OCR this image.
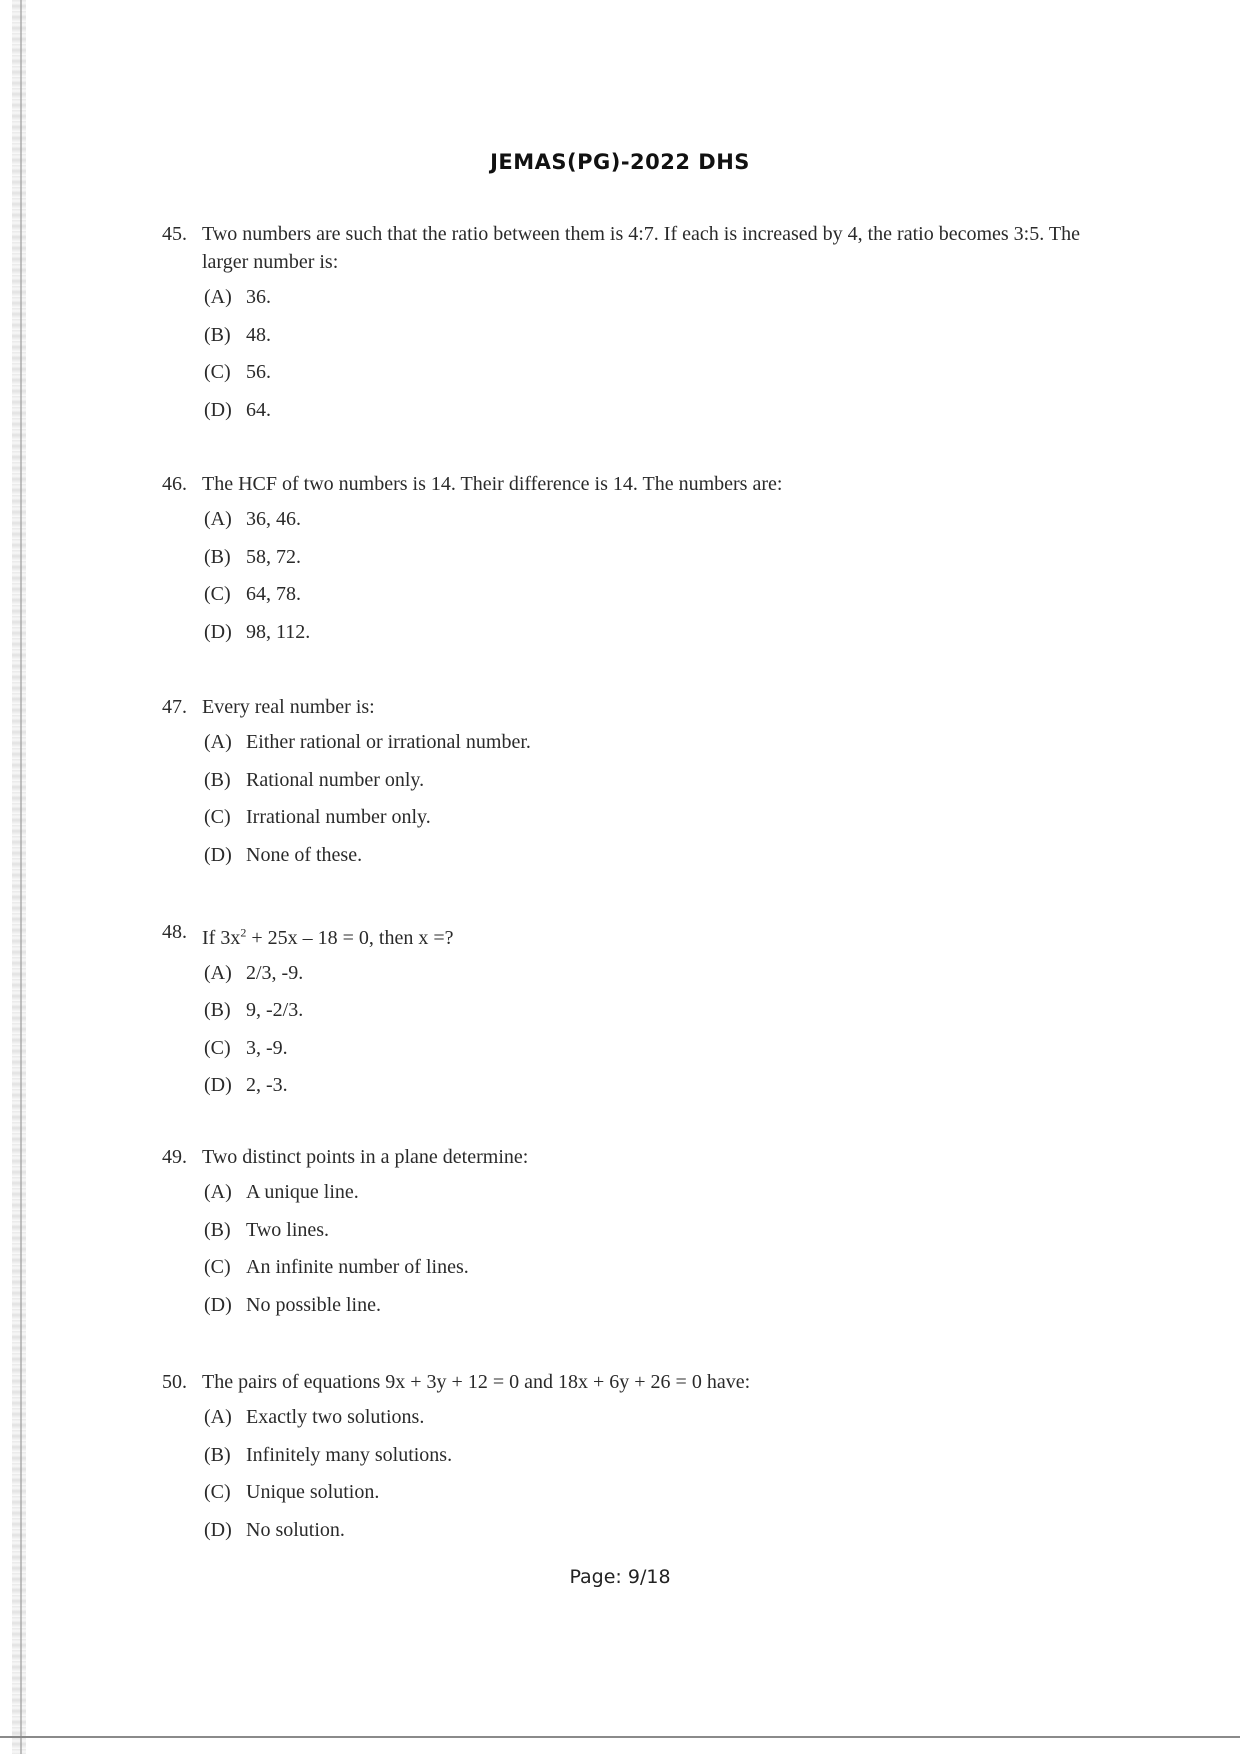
JEMAS(PG)-2022 DHS
45. Two numbers are such that the ratio between them is 4:7. If each is increased by 4, the ratio becomes 3:5. The larger number is:
(A) 36.
(B) 48.
(C) 56.
(D) 64.
46. The HCF of two numbers is 14. Their difference is 14. The numbers are:
(A) 36, 46.
(B) 58, 72.
(C) 64, 78.
(D) 98, 112.
47. Every real number is:
(A) Either rational or irrational number.
(B) Rational number only.
(C) Irrational number only.
(D) None of these.
48. If $3x^2 + 25x - 18 = 0$, then x =?
(A) 2/3, -9.
(B) 9, -2/3.
(C) 3, -9.
(D) 2, -3.
49. Two distinct points in a plane determine:
(A) A unique line.
(B) Two lines.
(C) An infinite number of lines.
(D) No possible line.
50. The pairs of equations 9x + 3y + 12 = 0 and 18x + 6y + 26 = 0 have:
(A) Exactly two solutions.
(B) Infinitely many solutions.
(C) Unique solution.
(D) No solution.
Page: 9/18
